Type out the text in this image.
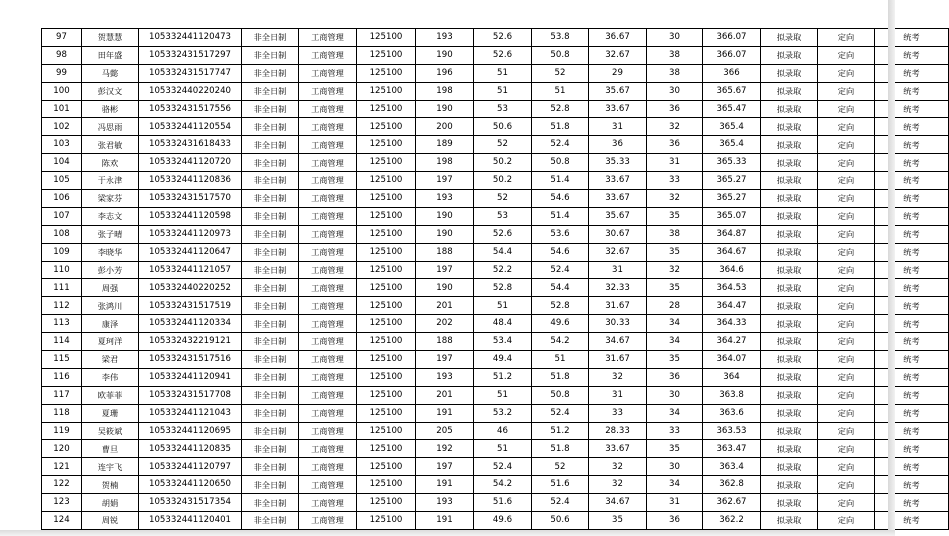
97	贺慧慧	105332441120473	非全日制	工商管理	125100	193	52.6	53.8	36.67	30	366.07	拟录取	定向	统考
98	田年盛	105332431517297	非全日制	工商管理	125100	190	52.6	50.8	32.67	38	366.07	拟录取	定向	统考
99	马懿	105332431517747	非全日制	工商管理	125100	196	51	52	29	38	366	拟录取	定向	统考
100	彭汉文	105332440220240	非全日制	工商管理	125100	198	51	51	35.67	30	365.67	拟录取	定向	统考
101	骆彬	105332431517556	非全日制	工商管理	125100	190	53	52.8	33.67	36	365.47	拟录取	定向	统考
102	冯思雨	105332441120554	非全日制	工商管理	125100	200	50.6	51.8	31	32	365.4	拟录取	定向	统考
103	张君敏	105332431618433	非全日制	工商管理	125100	189	52	52.4	36	36	365.4	拟录取	定向	统考
104	陈欢	105332441120720	非全日制	工商管理	125100	198	50.2	50.8	35.33	31	365.33	拟录取	定向	统考
105	于永津	105332441120836	非全日制	工商管理	125100	197	50.2	51.4	33.67	33	365.27	拟录取	定向	统考
106	梁家芬	105332431517570	非全日制	工商管理	125100	193	52	54.6	33.67	32	365.27	拟录取	定向	统考
107	李志文	105332441120598	非全日制	工商管理	125100	190	53	51.4	35.67	35	365.07	拟录取	定向	统考
108	张子晴	105332441120973	非全日制	工商管理	125100	190	52.6	53.6	30.67	38	364.87	拟录取	定向	统考
109	李晓华	105332441120647	非全日制	工商管理	125100	188	54.4	54.6	32.67	35	364.67	拟录取	定向	统考
110	彭小芳	105332441121057	非全日制	工商管理	125100	197	52.2	52.4	31	32	364.6	拟录取	定向	统考
111	周强	105332440220252	非全日制	工商管理	125100	190	52.8	54.4	32.33	35	364.53	拟录取	定向	统考
112	张鸿川	105332431517519	非全日制	工商管理	125100	201	51	52.8	31.67	28	364.47	拟录取	定向	统考
113	康泽	105332441120334	非全日制	工商管理	125100	202	48.4	49.6	30.33	34	364.33	拟录取	定向	统考
114	夏珂洋	105332432219121	非全日制	工商管理	125100	188	53.4	54.2	34.67	34	364.27	拟录取	定向	统考
115	梁君	105332431517516	非全日制	工商管理	125100	197	49.4	51	31.67	35	364.07	拟录取	定向	统考
116	李伟	105332441120941	非全日制	工商管理	125100	193	51.2	51.8	32	36	364	拟录取	定向	统考
117	欧菲菲	105332431517708	非全日制	工商管理	125100	201	51	50.8	31	30	363.8	拟录取	定向	统考
118	夏珊	105332441121043	非全日制	工商管理	125100	191	53.2	52.4	33	34	363.6	拟录取	定向	统考
119	吴筱斌	105332441120695	非全日制	工商管理	125100	205	46	51.2	28.33	33	363.53	拟录取	定向	统考
120	曹旦	105332441120835	非全日制	工商管理	125100	192	51	51.8	33.67	35	363.47	拟录取	定向	统考
121	连宇飞	105332441120797	非全日制	工商管理	125100	197	52.4	52	32	30	363.4	拟录取	定向	统考
122	贺楠	105332441120650	非全日制	工商管理	125100	191	54.2	51.6	32	34	362.8	拟录取	定向	统考
123	胡娟	105332431517354	非全日制	工商管理	125100	193	51.6	52.4	34.67	31	362.67	拟录取	定向	统考
124	周锐	105332441120401	非全日制	工商管理	125100	191	49.6	50.6	35	36	362.2	拟录取	定向	统考
